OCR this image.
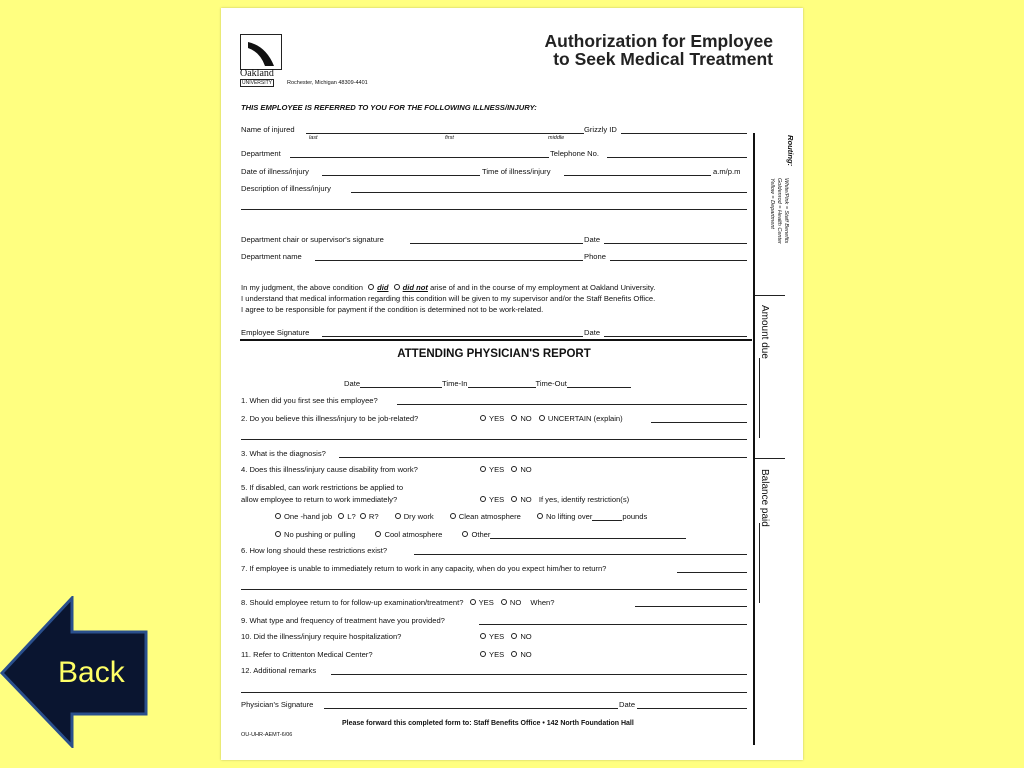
Oakland
UNIVERSITY	Rochester, Michigan 48309-4401
Authorization for Employee
to Seek Medical Treatment
THIS EMPLOYEE IS REFERRED TO YOU FOR THE FOLLOWING ILLNESS/INJURY:
Name of injured
last	first	middle
Grizzly ID
Department	Telephone No.
Date of illness/injury	Time of illness/injury	a.m/p.m
Description of illness/injury
Department chair or supervisor's signature	Date
Department name	Phone
In my judgment, the above condition did did not arise of and in the course of my employment at Oakland University.
I understand that medical information regarding this condition will be given to my supervisor and/or the Staff Benefits Office.
I agree to be responsible for payment if the condition is determined not to be work-related.
Employee Signature	Date
ATTENDING PHYSICIAN'S REPORT
Date	Time-In	Time-Out
1. When did you first see this employee?
2. Do you believe this illness/injury to be job-related?	YES NO UNCERTAIN (explain)
3. What is the diagnosis?
4. Does this illness/injury cause disability from work?	YES NO
5. If disabled, can work restrictions be applied to
allow employee to return to work immediately?	YES NO If yes, identify restriction(s)
One -hand job L? R?	Dry work	Clean atmosphere	No lifting over	pounds
No pushing or pulling	Cool atmosphere	Other
6. How long should these restrictions exist?
7. If employee is unable to immediately return to work in any capacity, when do you expect him/her to return?
8. Should employee return to for follow-up examination/treatment? YES NO When?
9. What type and frequency of treatment have you provided?
10. Did the illness/injury require hospitalization?	YES NO
11. Refer to Crittenton Medical Center?	YES NO
12. Additional remarks
Physician's Signature	Date
Please forward this completed form to: Staff Benefits Office • 142 North Foundation Hall
OU-UHR-AEMT-6/06
Routing:
White/Pink = Staff Benefits
Goldenrod = Health Center
Yellow = Department
Amount due
Balance paid
Back
